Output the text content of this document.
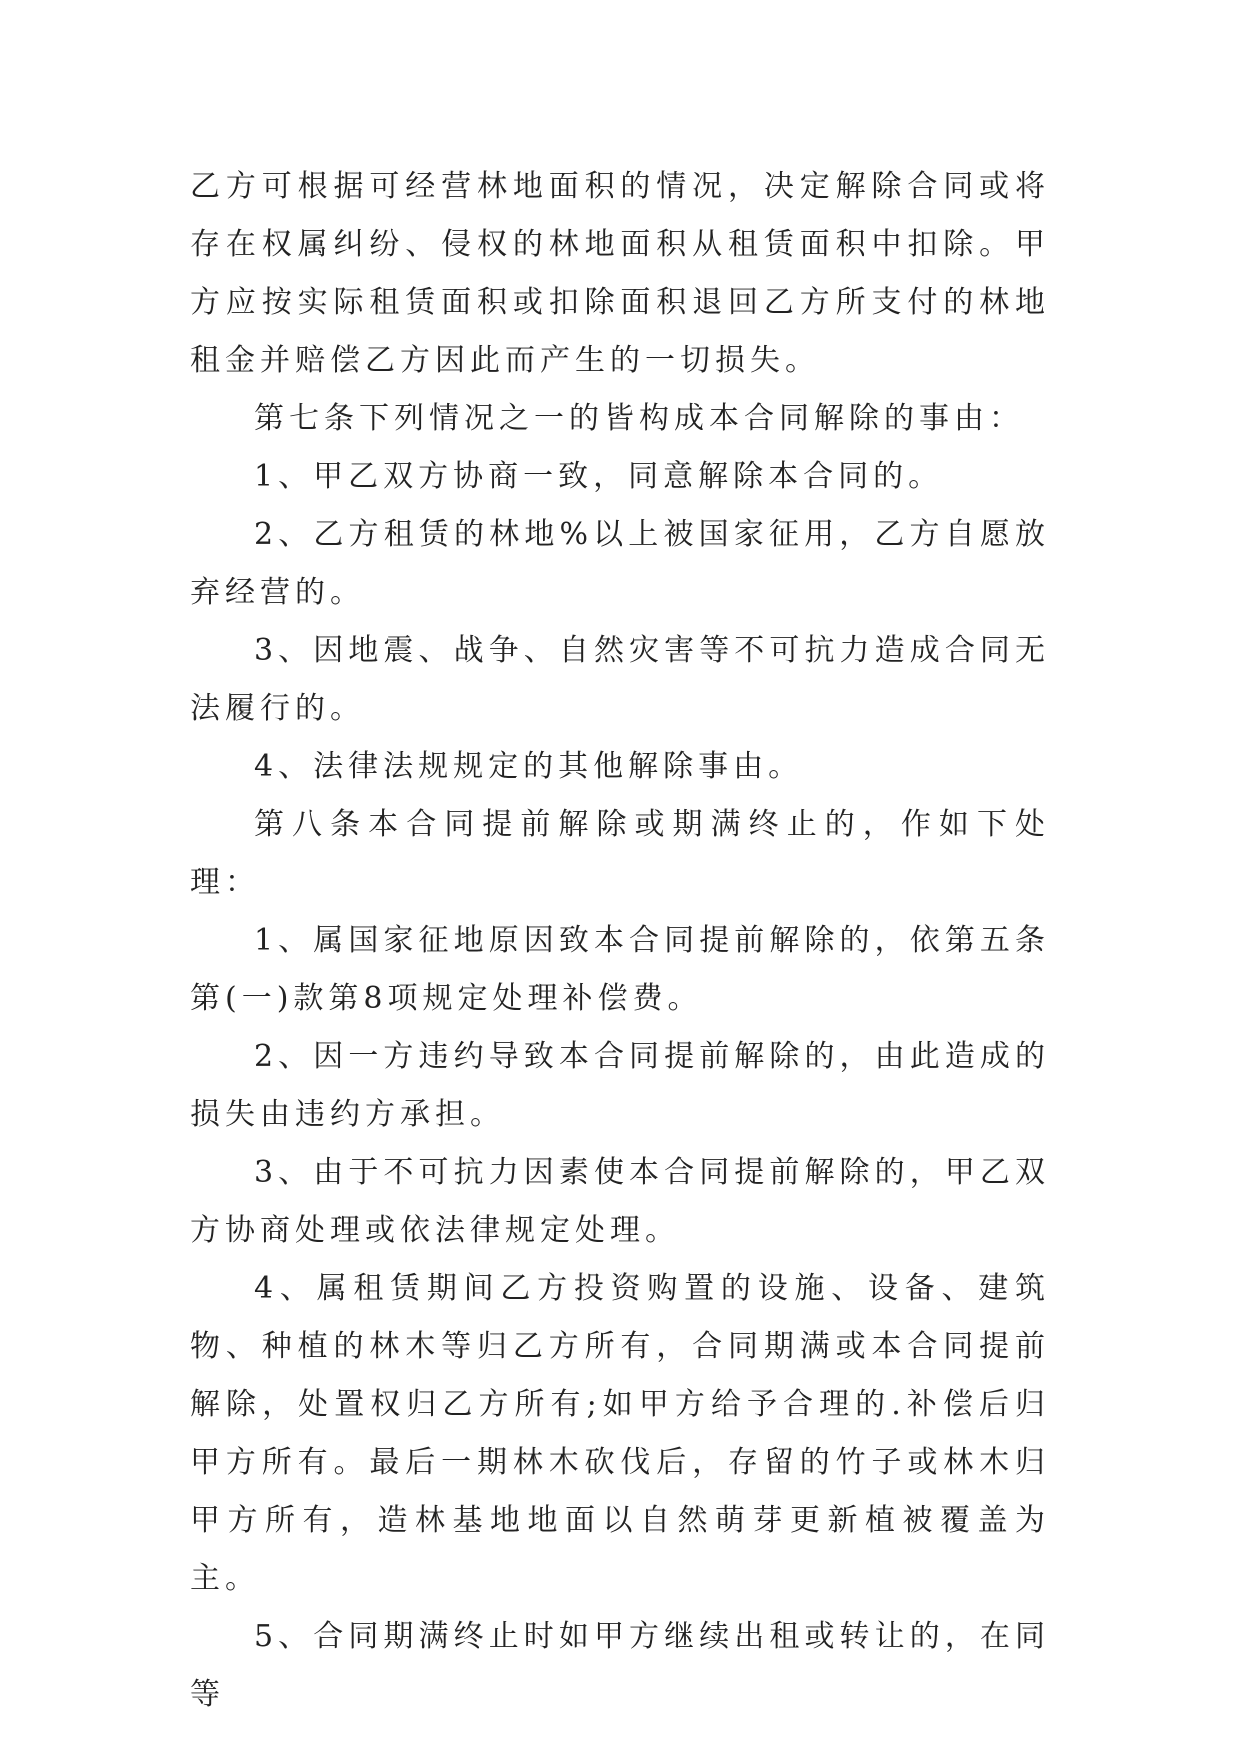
乙方可根据可经营林地面积的情况，决定解除合同或将存在权属纠纷、侵权的林地面积从租赁面积中扣除。甲方应按实际租赁面积或扣除面积退回乙方所支付的林地租金并赔偿乙方因此而产生的一切损失。

第七条下列情况之一的皆构成本合同解除的事由：

1、甲乙双方协商一致，同意解除本合同的。

2、乙方租赁的林地%以上被国家征用，乙方自愿放弃经营的。

3、因地震、战争、自然灾害等不可抗力造成合同无法履行的。

4、法律法规规定的其他解除事由。

第八条本合同提前解除或期满终止的，作如下处理：

1、属国家征地原因致本合同提前解除的，依第五条第(一)款第8项规定处理补偿费。

2、因一方违约导致本合同提前解除的，由此造成的损失由违约方承担。

3、由于不可抗力因素使本合同提前解除的，甲乙双方协商处理或依法律规定处理。

4、属租赁期间乙方投资购置的设施、设备、建筑物、种植的林木等归乙方所有，合同期满或本合同提前解除，处置权归乙方所有;如甲方给予合理的.补偿后归甲方所有。最后一期林木砍伐后，存留的竹子或林木归甲方所有，造林基地地面以自然萌芽更新植被覆盖为主。

5、合同期满终止时如甲方继续出租或转让的，在同等
